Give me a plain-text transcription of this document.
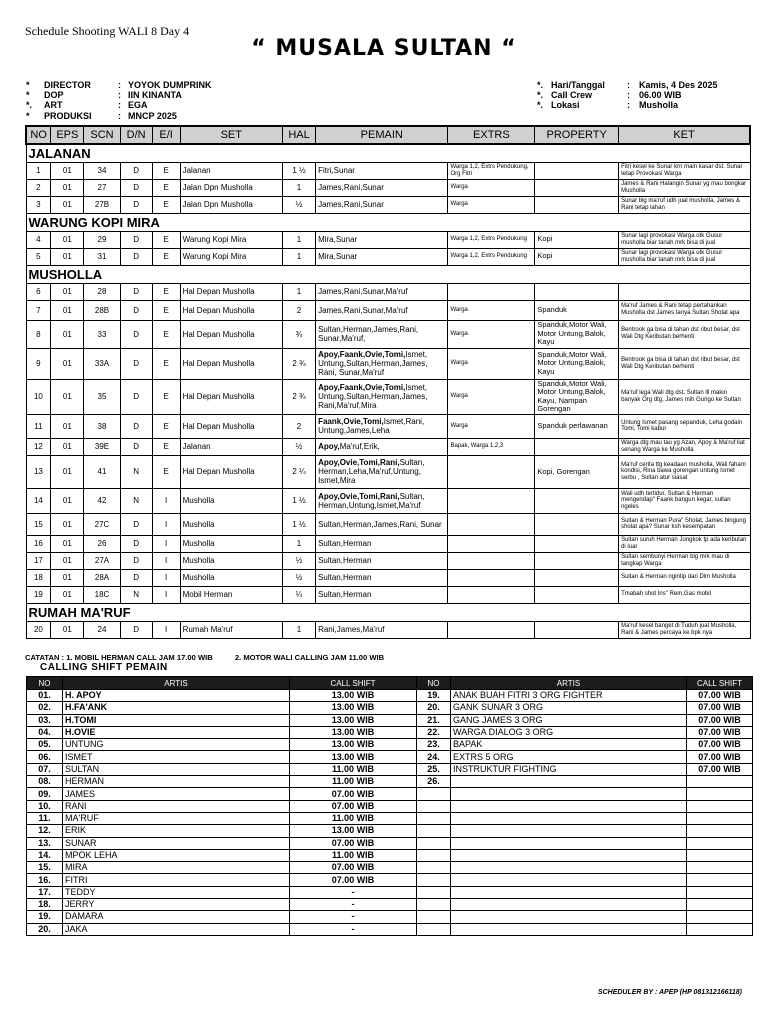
Schedule Shooting WALI 8 Day 4
“ MUSALA SULTAN “
*	DIRECTOR	: YOYOK DUMPRINK
*	DOP	: IIN KINANTA
*.	ART	: EGA
*	PRODUKSI	: MNCP 2025
*. Hari/Tanggal	:	Kamis, 4 Des 2025
*. Call Crew	:	06.00 WIB
*. Lokasi	:	Musholla
NO	EPS	SCN	D/N	E/I	SET	HAL	PEMAIN	EXTRS	PROPERTY	KET
JALANAN										
1	01	34	D	E	Jalanan	1 ½	Fitri,Sunar	Warga 1,2, Extrs Pendukung, Org Fitri		Fitri kesel ke Sunar krn main kasar dst. Sunar tetap Provokasi Warga
2	01	27	D	E	Jalan Dpn Musholla	1	James,Rani,Sunar	Warga		James & Rani Halangin Sunar yg mau bongkar Musholla
3	01	27B	D	E	Jalan Dpn Musholla	½	James,Rani,Sunar	Warga		Sunar blg ma'ruf udh jual musholla, James & Rani tetap lahan
WARUNG KOPI MIRA										
4	01	29	D	E	Warung Kopi Mira	1	Mira,Sunar	Warga 1,2, Extrs Pendukung	Kopi	Sunar lagi provokasi Warga utk Gusur musholla biar tanah mrk bisa di jual
5	01	31	D	E	Warung Kopi Mira	1	Mira,Sunar	Warga 1,2, Extrs Pendukung	Kopi	Sunar lagi provokasi Warga utk Gusur musholla biar tanah mrk bisa di jual
MUSHOLLA										
6	01	28	D	E	Hal Depan Musholla	1	James,Rani,Sunar,Ma'ruf			
7	01	28B	D	E	Hal Depan Musholla	2	James,Rani,Sunar,Ma'ruf	Warga	Spanduk	Ma'ruf James & Rani tetap pertahankan Musholla dst James tanya Sultan Sholat apa
8	01	33	D	E	Hal Depan Musholla	¾	Sultan,Herman,James,Rani, Sunar,Ma'ruf,	Warga	Spanduk,Motor Wali, Motor Untung,Balok, Kayu	Bentrook ga bisa di tahan dst ribut besar, dst Wali Dtg Keributan berhenti
9	01	33A	D	E	Hal Depan Musholla	2 ¾	Apoy,Faank,Ovie,Tomi,Ismet, Untung,Sultan,Herman,James, Rani, Sunar,Ma'ruf	Warga	Spanduk,Motor Wali, Motor Untung,Balok, Kayu	Bentrook ga bisa di tahan dst ribut besar, dst Wali Dtg Keributan berhenti
10	01	35	D	E	Hal Depan Musholla	2 ¾	Apoy,Faank,Ovie,Tomi,Ismet, Untung,Sultan,Herman,James, Rani,Ma'ruf,Mira	Warga	Spanduk,Motor Wali, Motor Untung,Balok, Kayu, Nampan Gorengan	Ma'ruf lega Wali dtg dst, Sultan lll makin banyak Org dtg, James mih Gurigo ke Sultan
11	01	38	D	E	Hal Depan Musholla	2	Faank,Ovie,Tomi,Ismet,Rani, Untung,James,Leha	Warga	Spanduk perlawanan	Untung Ismet pasang sepanduk, Leha godain Tomi, Tomi kabur
12	01	39E	D	E	Jalanan	½	Apoy,Ma'ruf,Erik,	Bapak, Warga 1,2,3		Warga dtg mau tau yg Azan, Apoy & Ma'ruf liat senang Warga ke Musholla
13	01	41	N	E	Hal Depan Musholla	2 ¼	Apoy,Ovie,Tomi,Rani,Sultan, Herman,Leha,Ma'ruf,Untung, Ismet,Mira		Kopi, Gorengan	Ma'ruf cerita ttg keadaan musholla, Wali faham kondisi, Rina bawa gorengan untung Ismet serbu , Sultan atur siasat
14	01	42	N	I	Musholla	1 ½	Apoy,Ovie,Tomi,Rani,Sultan, Herman,Untung,Ismet,Ma'ruf			Wali udh tertidur, Sultan & Herman mengendap" Faank bangun kegar, sultan ngeles
15	01	27C	D	I	Musholla	1 ½	Sultan,Herman,James,Rani, Sunar			Sultan & Herman Pura" Sholat, James bingung sholat apa? Sunar ksh kesempatan
16	01	26	D	I	Musholla	1	Sultan,Herman			Sultan suruh Herman Jongkok tp ada keributan di luar
17	01	27A	D	I	Musholla	½	Sultan,Herman			Sultan sembunyi Herman blg mrk mau di tangkap Warga
18	01	28A	D	I	Musholla	½	Sultan,Herman			Sultan & Herman ngintip dari Dlm Musholla
19	01	18C	N	I	Mobil Herman	¼	Sultan,Herman			Tmabah shot Ins" Rem,Gas mobil
RUMAH MA'RUF										
20	01	24	D	I	Rumah Ma'ruf	1	Rani,James,Ma'ruf			Ma'ruf kesel banget di Tuduh jual Musholla, Rani & James percaya ke bpk nya
CATATAN : 1. MOBIL HERMAN CALL JAM 17.00 WIB	2. MOTOR WALI CALLING JAM 11.00 WIB
CALLING SHIFT PEMAIN
NO	ARTIS	CALL SHIFT	NO	ARTIS	CALL SHIFT
01.	H. APOY	13.00 WIB	19.	ANAK BUAH FITRI 3 ORG FIGHTER	07.00 WIB
02.	H.FA'ANK	13.00 WIB	20.	GANK SUNAR 3 ORG	07.00 WIB
03.	H.TOMI	13.00 WIB	21.	GANG JAMES 3 ORG	07.00 WIB
04.	H.OVIE	13.00 WIB	22.	WARGA DIALOG 3 ORG	07.00 WIB
05.	UNTUNG	13.00 WIB	23.	BAPAK	07.00 WIB
06.	ISMET	13.00 WIB	24.	EXTRS 5 ORG	07.00 WIB
07.	SULTAN	11.00 WIB	25.	INSTRUKTUR FIGHTING	07.00 WIB
08.	HERMAN	11.00 WIB	26.		
09.	JAMES	07.00 WIB			
10.	RANI	07.00 WIB			
11.	MA'RUF	11.00 WIB			
12.	ERIK	13.00 WIB			
13.	SUNAR	07.00 WIB			
14.	MPOK LEHA	11.00 WIB			
15.	MIRA	07.00 WIB			
16.	FITRI	07.00 WIB			
17.	TEDDY	-			
18.	JERRY	-			
19.	DAMARA	-			
20.	JAKA	-			
SCHEDULER BY : APEP (HP 081312166118)
